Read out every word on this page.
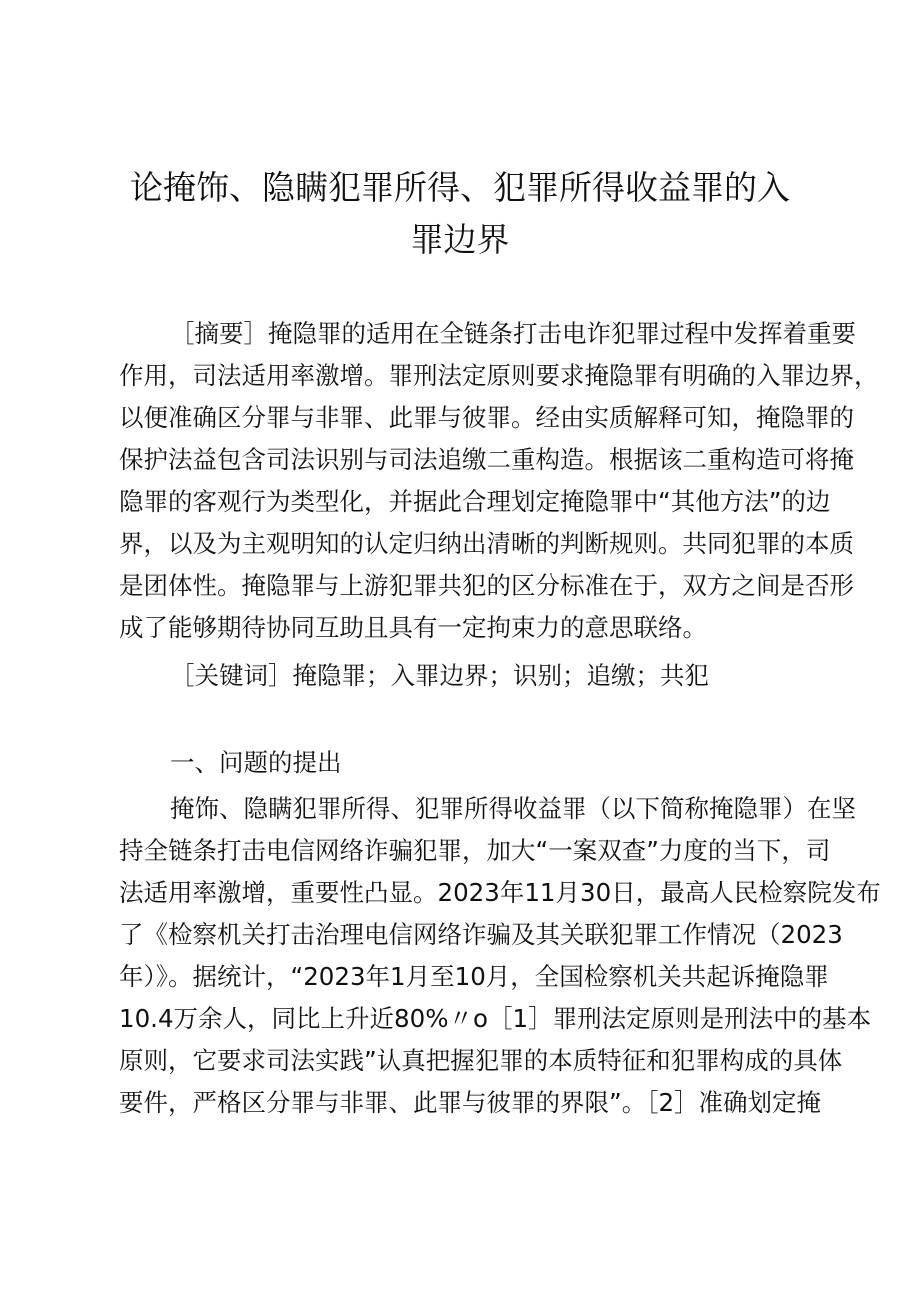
论掩饰、隐瞒犯罪所得、犯罪所得收益罪的入
罪边界

［摘要］掩隐罪的适用在全链条打击电诈犯罪过程中发挥着重要

作用，司法适用率激增。罪刑法定原则要求掩隐罪有明确的入罪边界，

以便准确区分罪与非罪、此罪与彼罪。经由实质解释可知，掩隐罪的

保护法益包含司法识别与司法追缴二重构造。根据该二重构造可将掩

隐罪的客观行为类型化，并据此合理划定掩隐罪中“其他方法”的边

界，以及为主观明知的认定归纳出清晰的判断规则。共同犯罪的本质

是团体性。掩隐罪与上游犯罪共犯的区分标准在于，双方之间是否形

成了能够期待协同互助且具有一定拘束力的意思联络。

［关键词］掩隐罪；入罪边界；识别；追缴；共犯

一、问题的提出

掩饰、隐瞒犯罪所得、犯罪所得收益罪（以下简称掩隐罪）在坚

持全链条打击电信网络诈骗犯罪，加大“一案双查”力度的当下，司

法适用率激增，重要性凸显。2023年11月30日，最高人民检察院发布

了《检察机关打击治理电信网络诈骗及其关联犯罪工作情况（2023

年）》。据统计，“2023年1月至10月，全国检察机关共起诉掩隐罪

10.4万余人，同比上升近80%〃o［1］罪刑法定原则是刑法中的基本

原则，它要求司法实践”认真把握犯罪的本质特征和犯罪构成的具体

要件，严格区分罪与非罪、此罪与彼罪的界限”。［2］准确划定掩
